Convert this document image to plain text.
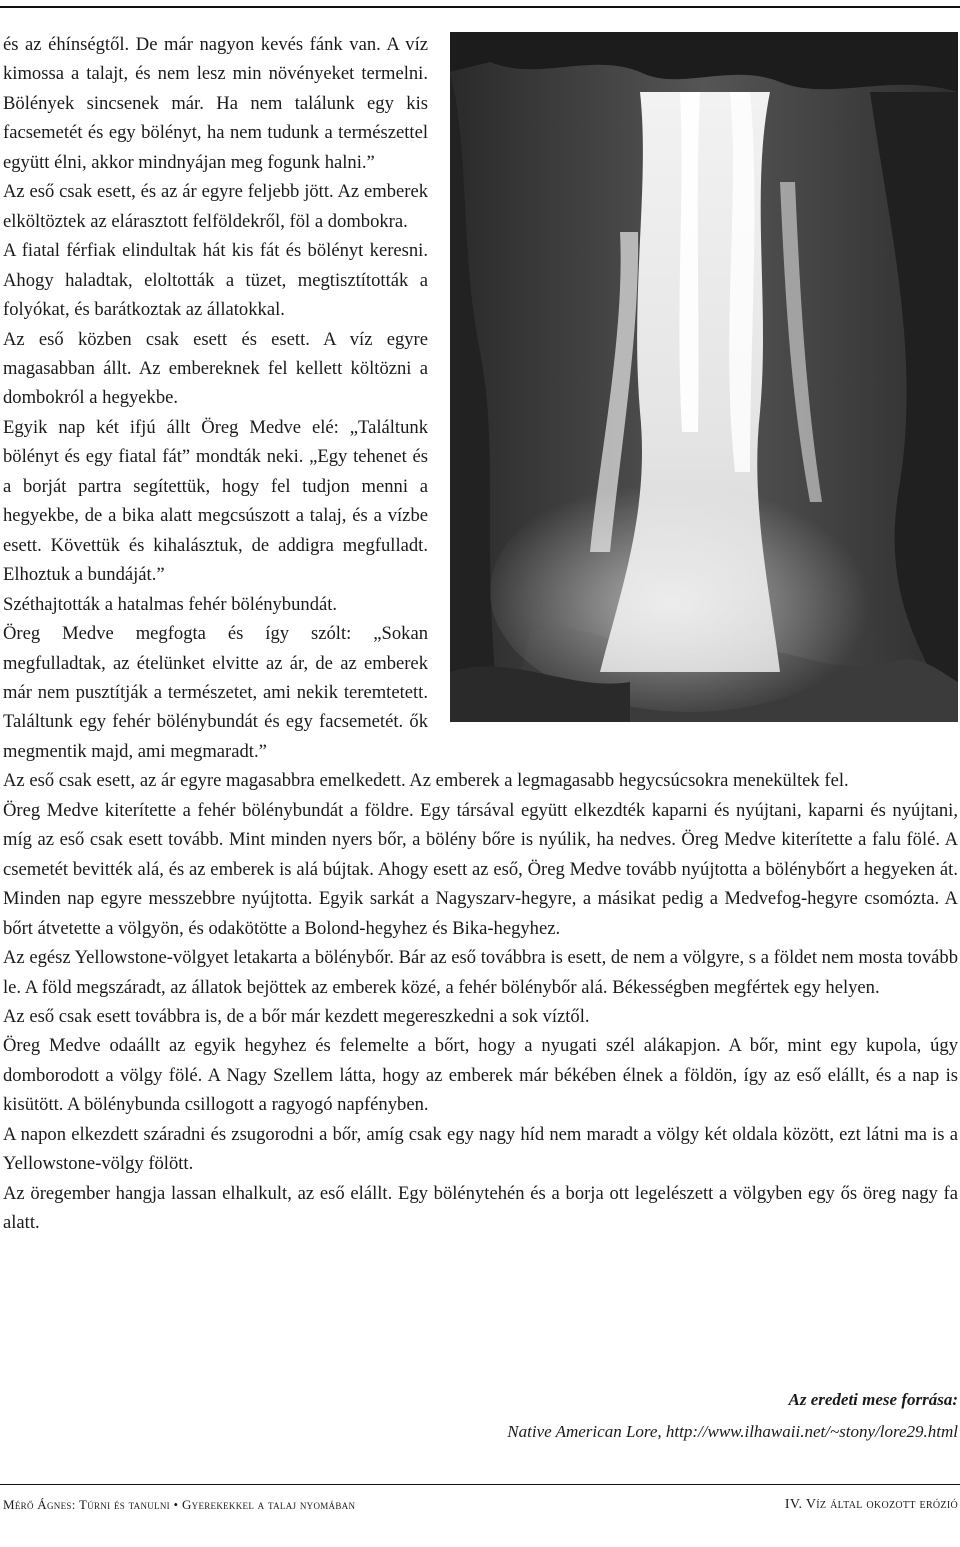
és az éhínségtől. De már nagyon kevés fánk van. A víz kimossa a talajt, és nem lesz min növényeket termelni. Bölények sincsenek már. Ha nem találunk egy kis facsemetét és egy bölényt, ha nem tudunk a természettel együtt élni, akkor mindnyájan meg fogunk halni.”

Az eső csak esett, és az ár egyre feljebb jött. Az emberek elköltöztek az elárasztott felföldekről, föl a dombokra.

A fiatal férfiak elindultak hát kis fát és bölényt keresni. Ahogy haladtak, eloltották a tüzet, megtisztították a folyókat, és barátkoztak az állatokkal.

Az eső közben csak esett és esett. A víz egyre magasabban állt. Az embereknek fel kellett költözni a dombokról a hegyekbe.

Egyik nap két ifjú állt Öreg Medve elé: „Találtunk bölényt és egy fiatal fát” mondták neki. „Egy tehenet és a borját partra segítettük, hogy fel tudjon menni a hegyekbe, de a bika alatt megcsúszott a talaj, és a vízbe esett. Követtük és kihalásztuk, de addigra megfulladt. Elhoztuk a bundáját.”

Széthajtották a hatalmas fehér bölénybundát.

Öreg Medve megfogta és így szólt: „Sokan megfulladtak, az ételünket elvitte az ár, de az emberek már nem pusztítják a természetet, ami nekik teremtetett. Találtunk egy fehér bölénybundát és egy facsemetét. ők megmentik majd, ami megmaradt.”

Az eső csak esett, az ár egyre magasabbra emelkedett. Az emberek a legmagasabb hegycsúcsokra menekültek fel.

Öreg Medve kiterítette a fehér bölénybundát a földre. Egy társával együtt elkezdték kaparni és nyújtani, kaparni és nyújtani, míg az eső csak esett tovább. Mint minden nyers bőr, a bölény bőre is nyúlik, ha nedves. Öreg Medve kiterítette a falu fölé. A csemetét bevitték alá, és az emberek is alá bújtak. Ahogy esett az eső, Öreg Medve tovább nyújtotta a bölénybőrt a hegyeken át. Minden nap egyre messzebbre nyújtotta. Egyik sarkát a Nagyszarv-hegyre, a másikat pedig a Medvefog-hegyre csomózta. A bőrt átvetette a völgyön, és odakötötte a Bolond-hegyhez és Bika-hegyhez.

Az egész Yellowstone-völgyet letakarta a bölénybőr. Bár az eső továbbra is esett, de nem a völgyre, s a földet nem mosta tovább le. A föld megszáradt, az állatok bejöttek az emberek közé, a fehér bölénybőr alá. Békességben megfértek egy helyen.

Az eső csak esett továbbra is, de a bőr már kezdett megereszkedni a sok víztől.

Öreg Medve odaállt az egyik hegyhez és felemelte a bőrt, hogy a nyugati szél alákapjon. A bőr, mint egy kupola, úgy domborodott a völgy fölé. A Nagy Szellem látta, hogy az emberek már békében élnek a földön, így az eső elállt, és a nap is kisütött. A bölénybunda csillogott a ragyogó napfényben.

A napon elkezdett száradni és zsugorodni a bőr, amíg csak egy nagy híd nem maradt a völgy két oldala között, ezt látni ma is a Yellowstone-völgy fölött.

Az öregember hangja lassan elhalkult, az eső elállt. Egy bölénytehén és a borja ott legelészett a völgyben egy ős öreg nagy fa alatt.

Az eredeti mese forrása:
Native American Lore, http://www.ilhawaii.net/~stony/lore29.html
Mérő Ágnes: Túrni és tanulni • Gyerekekkel a talaj nyomában	IV. Víz által okozott erózió
